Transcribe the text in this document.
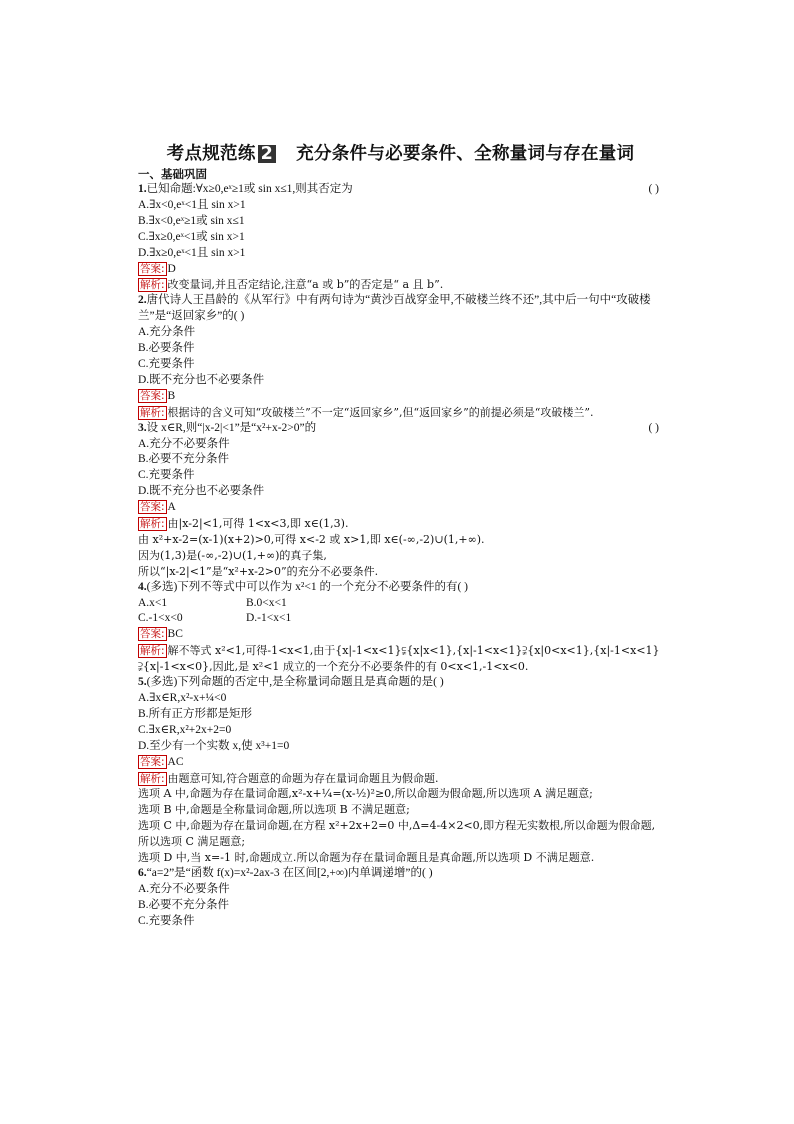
考点规范练 2 充分条件与必要条件、全称量词与存在量词
一、基础巩固
1.已知命题:∀x≥0,eˣ≥1或 sin x≤1,则其否定为	( )
A.∃x<0,eˣ<1且 sin x>1
B.∃x<0,eˣ≥1或 sin x≤1
C.∃x≥0,eˣ<1或 sin x>1
D.∃x≥0,eˣ<1且 sin x>1
答案: D
解析: 改变量词,并且否定结论,注意“a 或 b”的否定是“ a 且 b”.
2.唐代诗人王昌龄的《从军行》中有两句诗为“黄沙百战穿金甲,不破楼兰终不还”,其中后一句中“攻破楼兰”是“返回家乡”的( )
A.充分条件
B.必要条件
C.充要条件
D.既不充分也不必要条件
答案: B
解析: 根据诗的含义可知“攻破楼兰”不一定“返回家乡”,但“返回家乡”的前提必须是“攻破楼兰”.
3.设 x∈R,则“|x-2|<1”是“x²+x-2>0”的	( )
A.充分不必要条件
B.必要不充分条件
C.充要条件
D.既不充分也不必要条件
答案: A
解析: 由|x-2|<1,可得 1<x<3,即 x∈(1,3).
由 x²+x-2=(x-1)(x+2)>0,可得 x<-2 或 x>1,即 x∈(-∞,-2)∪(1,+∞).
因为(1,3)是(-∞,-2)∪(1,+∞)的真子集,
所以“|x-2|<1”是“x²+x-2>0”的充分不必要条件.
4.(多选)下列不等式中可以作为 x²<1 的一个充分不必要条件的有( )
A.x<1	B.0<x<1
C.-1<x<0	D.-1<x<1
答案: BC
解析: 解不等式 x²<1,可得-1<x<1,由于{x|-1<x<1}⫋{x|x<1},{x|-1<x<1}⫌{x|0<x<1},{x|-1<x<1}⫌{x|-1<x<0},因此,是 x²<1 成立的一个充分不必要条件的有 0<x<1,-1<x<0.
5.(多选)下列命题的否定中,是全称量词命题且是真命题的是( )
A.∃x∈R,x²-x+¼<0
B.所有正方形都是矩形
C.∃x∈R,x²+2x+2=0
D.至少有一个实数 x,使 x³+1=0
答案: AC
解析: 由题意可知,符合题意的命题为存在量词命题且为假命题.
选项 A 中,命题为存在量词命题,x²-x+¼=(x-½)²≥0,所以命题为假命题,所以选项 A 满足题意;
选项 B 中,命题是全称量词命题,所以选项 B 不满足题意;
选项 C 中,命题为存在量词命题,在方程 x²+2x+2=0 中,Δ=4-4×2<0,即方程无实数根,所以命题为假命题,所以选项 C 满足题意;
选项 D 中,当 x=-1 时,命题成立.所以命题为存在量词命题且是真命题,所以选项 D 不满足题意.
6.“a=2”是“函数 f(x)=x²-2ax-3 在区间[2,+∞)内单调递增”的( )
A.充分不必要条件
B.必要不充分条件
C.充要条件
